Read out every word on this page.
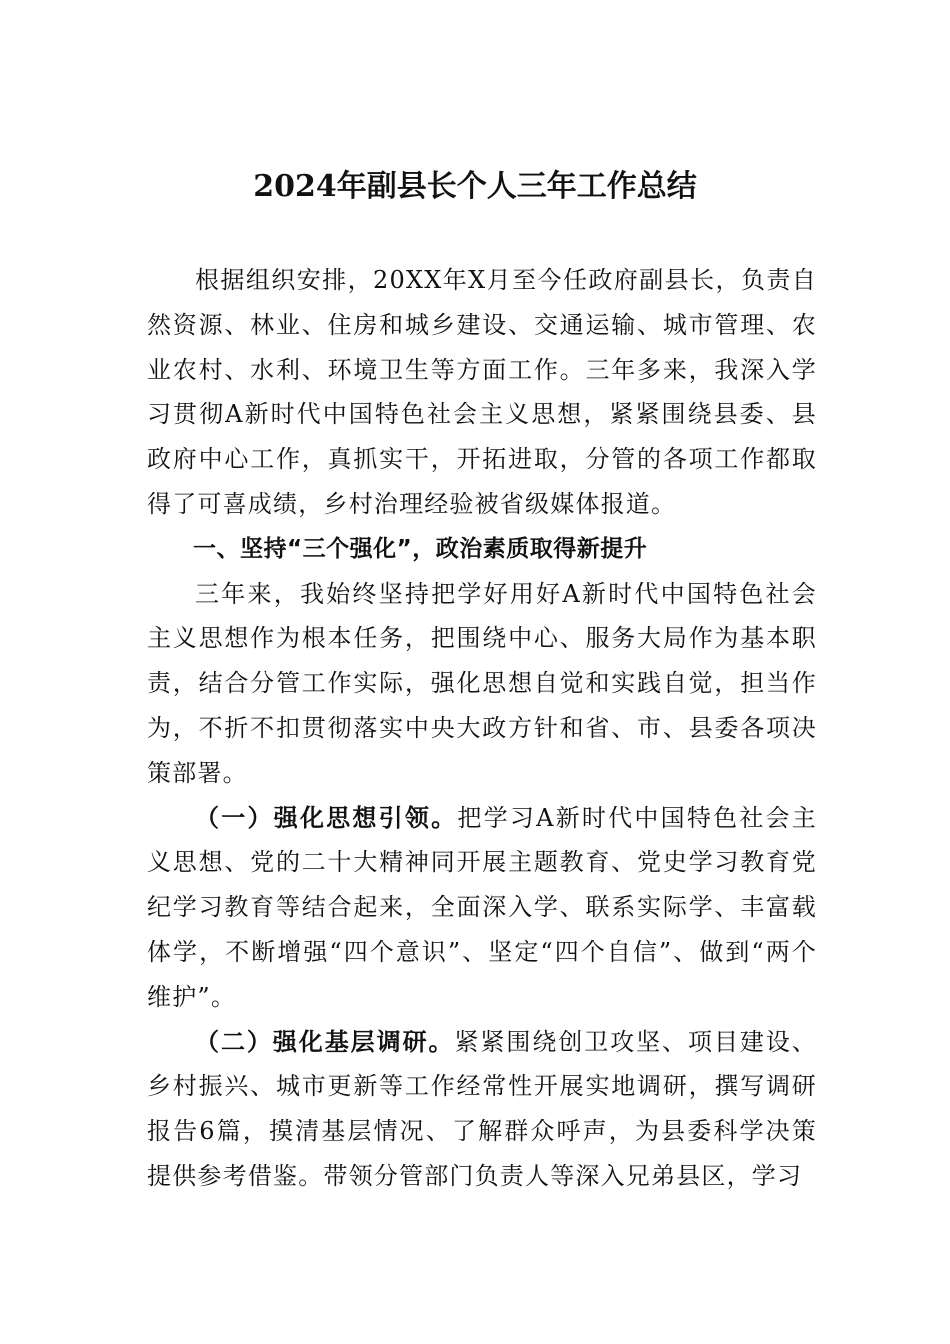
2024年副县长个人三年工作总结

根据组织安排，20XX年X月至今任政府副县长，负责自然资源、林业、住房和城乡建设、交通运输、城市管理、农业农村、水利、环境卫生等方面工作。三年多来，我深入学习贯彻A新时代中国特色社会主义思想，紧紧围绕县委、县政府中心工作，真抓实干，开拓进取，分管的各项工作都取得了可喜成绩，乡村治理经验被省级媒体报道。

一、坚持“三个强化”，政治素质取得新提升

三年来，我始终坚持把学好用好A新时代中国特色社会主义思想作为根本任务，把围绕中心、服务大局作为基本职责，结合分管工作实际，强化思想自觉和实践自觉，担当作为，不折不扣贯彻落实中央大政方针和省、市、县委各项决策部署。

（一）强化思想引领。把学习A新时代中国特色社会主义思想、党的二十大精神同开展主题教育、党史学习教育党纪学习教育等结合起来，全面深入学、联系实际学、丰富载体学，不断增强“四个意识”、坚定“四个自信”、做到“两个维护”。

（二）强化基层调研。紧紧围绕创卫攻坚、项目建设、乡村振兴、城市更新等工作经常性开展实地调研，撰写调研报告6篇，摸清基层情况、了解群众呼声，为县委科学决策提供参考借鉴。带领分管部门负责人等深入兄弟县区，学习
